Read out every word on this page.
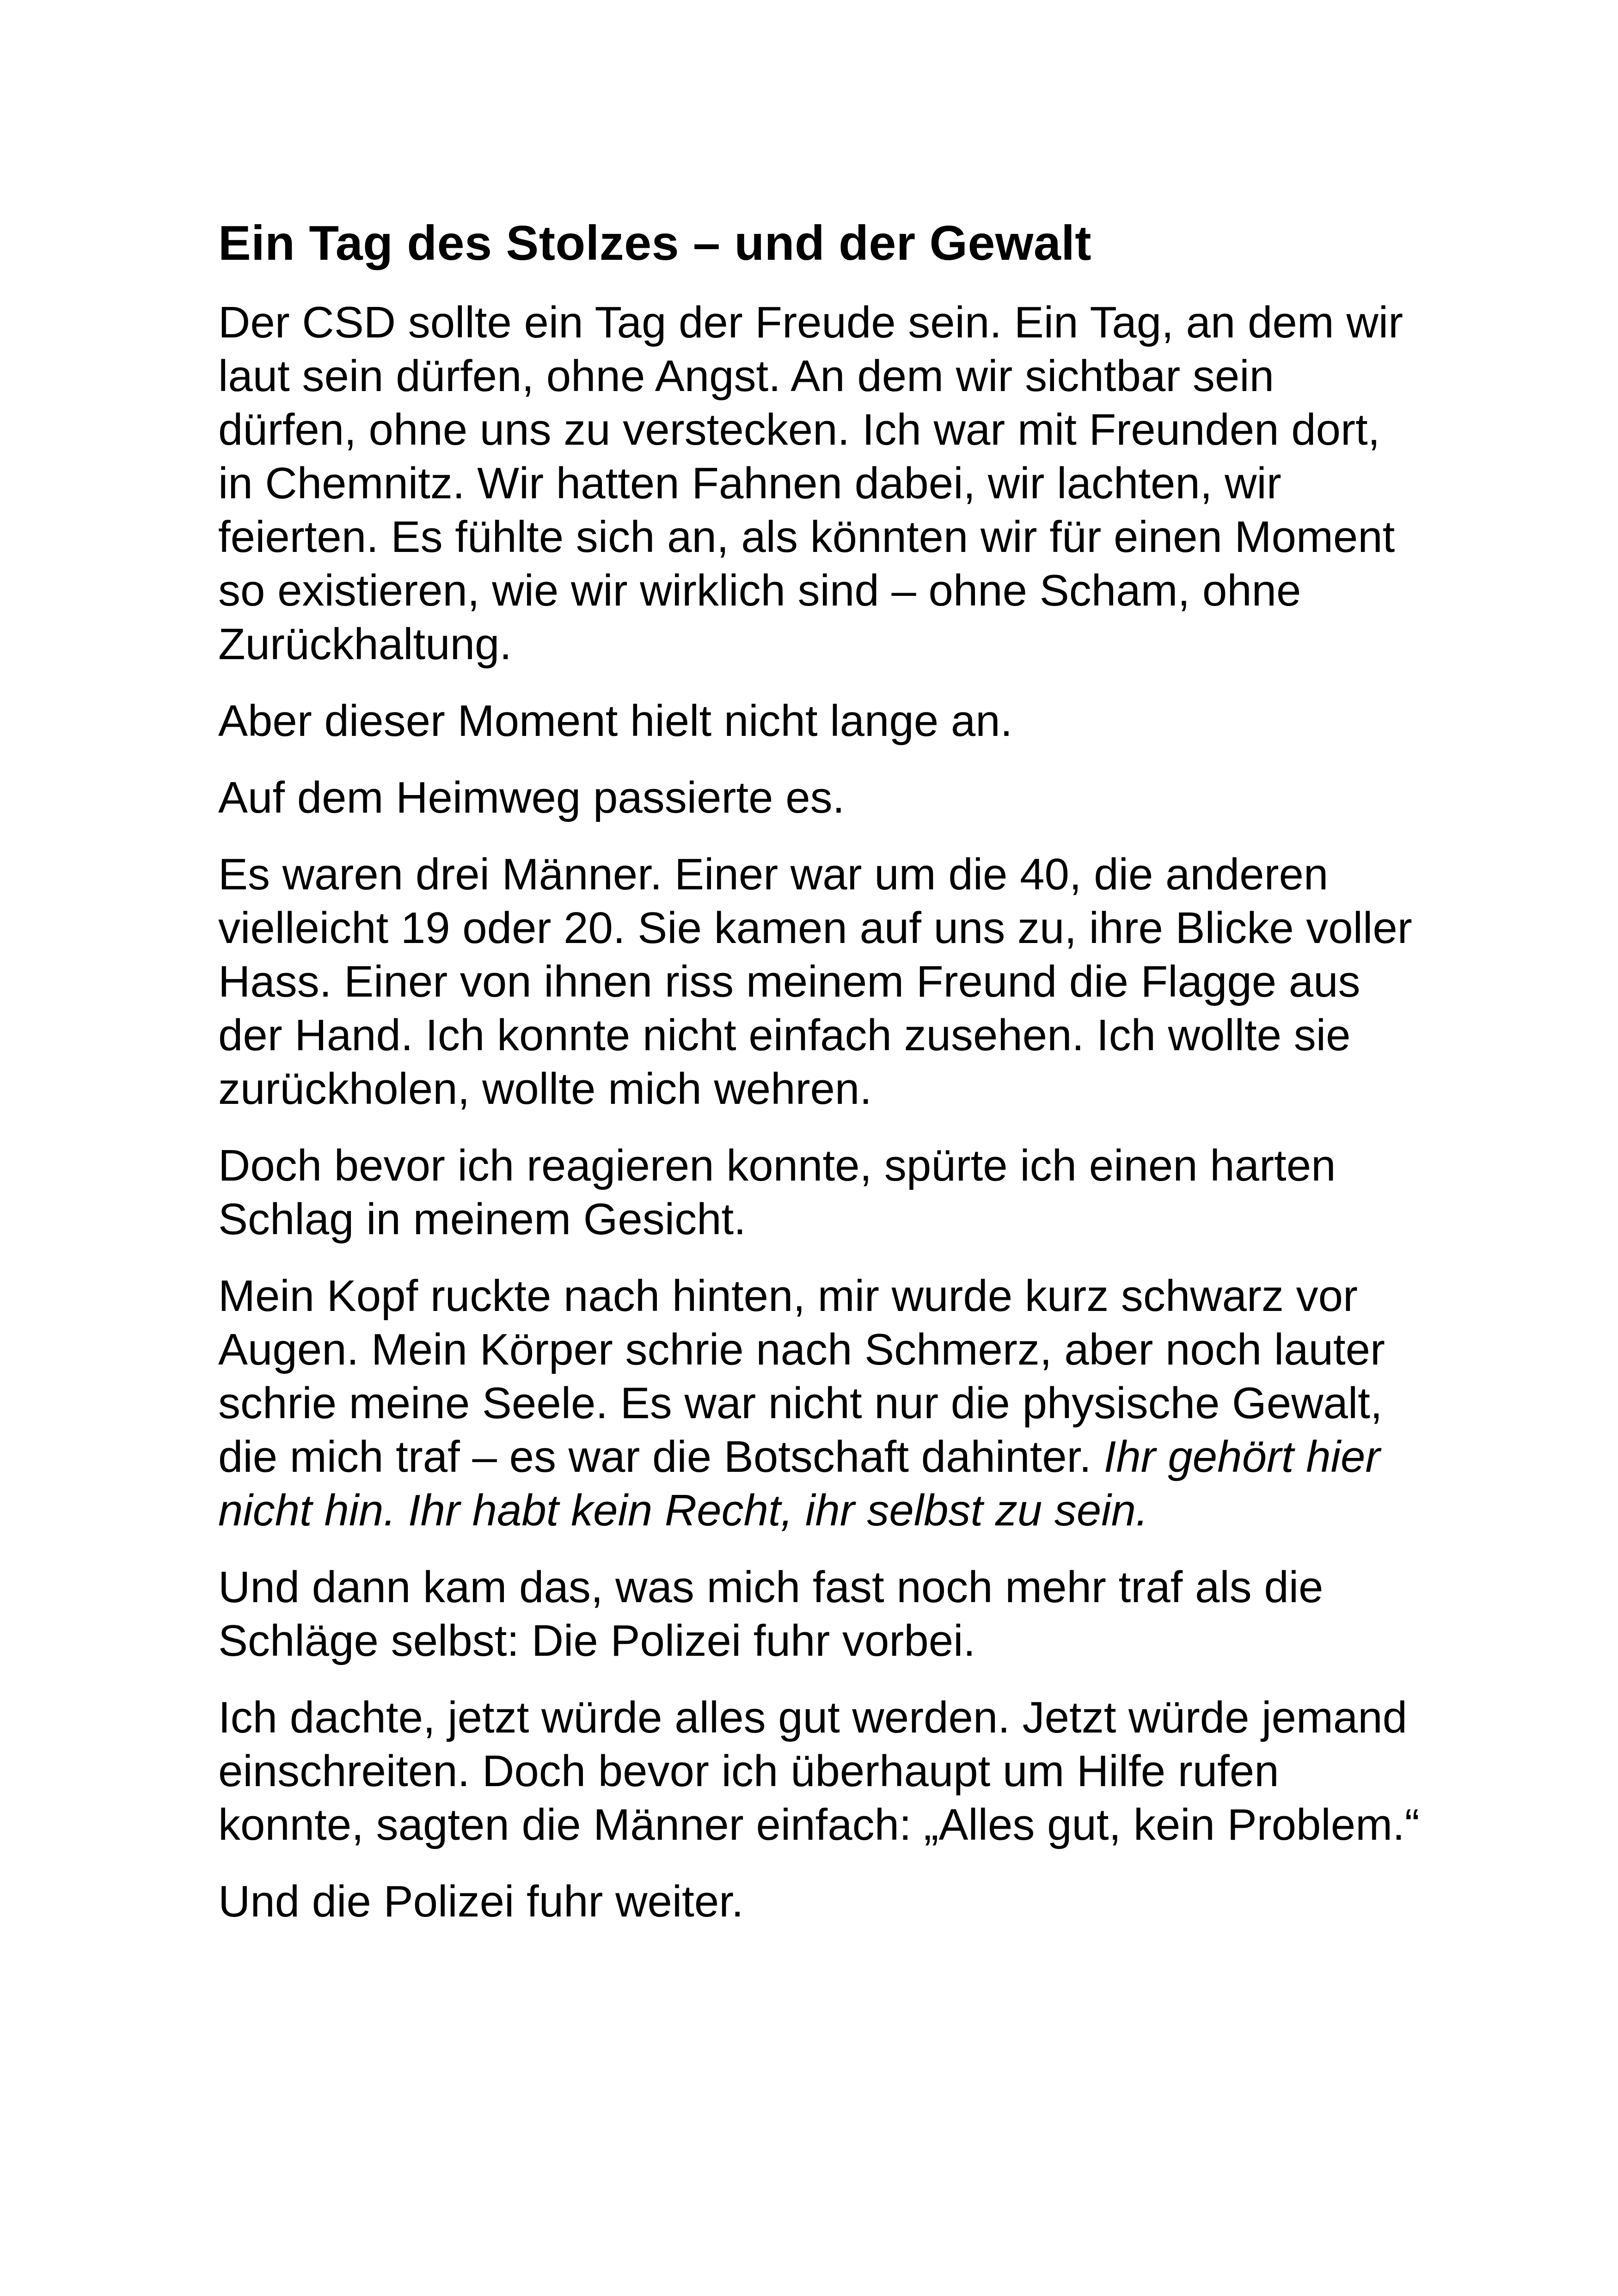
Ein Tag des Stolzes – und der Gewalt

Der CSD sollte ein Tag der Freude sein. Ein Tag, an dem wir laut sein dürfen, ohne Angst. An dem wir sichtbar sein dürfen, ohne uns zu verstecken. Ich war mit Freunden dort, in Chemnitz. Wir hatten Fahnen dabei, wir lachten, wir feierten. Es fühlte sich an, als könnten wir für einen Moment so existieren, wie wir wirklich sind – ohne Scham, ohne Zurückhaltung.

Aber dieser Moment hielt nicht lange an.

Auf dem Heimweg passierte es.

Es waren drei Männer. Einer war um die 40, die anderen vielleicht 19 oder 20. Sie kamen auf uns zu, ihre Blicke voller Hass. Einer von ihnen riss meinem Freund die Flagge aus der Hand. Ich konnte nicht einfach zusehen. Ich wollte sie zurückholen, wollte mich wehren.

Doch bevor ich reagieren konnte, spürte ich einen harten Schlag in meinem Gesicht.

Mein Kopf ruckte nach hinten, mir wurde kurz schwarz vor Augen. Mein Körper schrie nach Schmerz, aber noch lauter schrie meine Seele. Es war nicht nur die physische Gewalt, die mich traf – es war die Botschaft dahinter. Ihr gehört hier nicht hin. Ihr habt kein Recht, ihr selbst zu sein.

Und dann kam das, was mich fast noch mehr traf als die Schläge selbst: Die Polizei fuhr vorbei.

Ich dachte, jetzt würde alles gut werden. Jetzt würde jemand einschreiten. Doch bevor ich überhaupt um Hilfe rufen konnte, sagten die Männer einfach: „Alles gut, kein Problem.“

Und die Polizei fuhr weiter.
